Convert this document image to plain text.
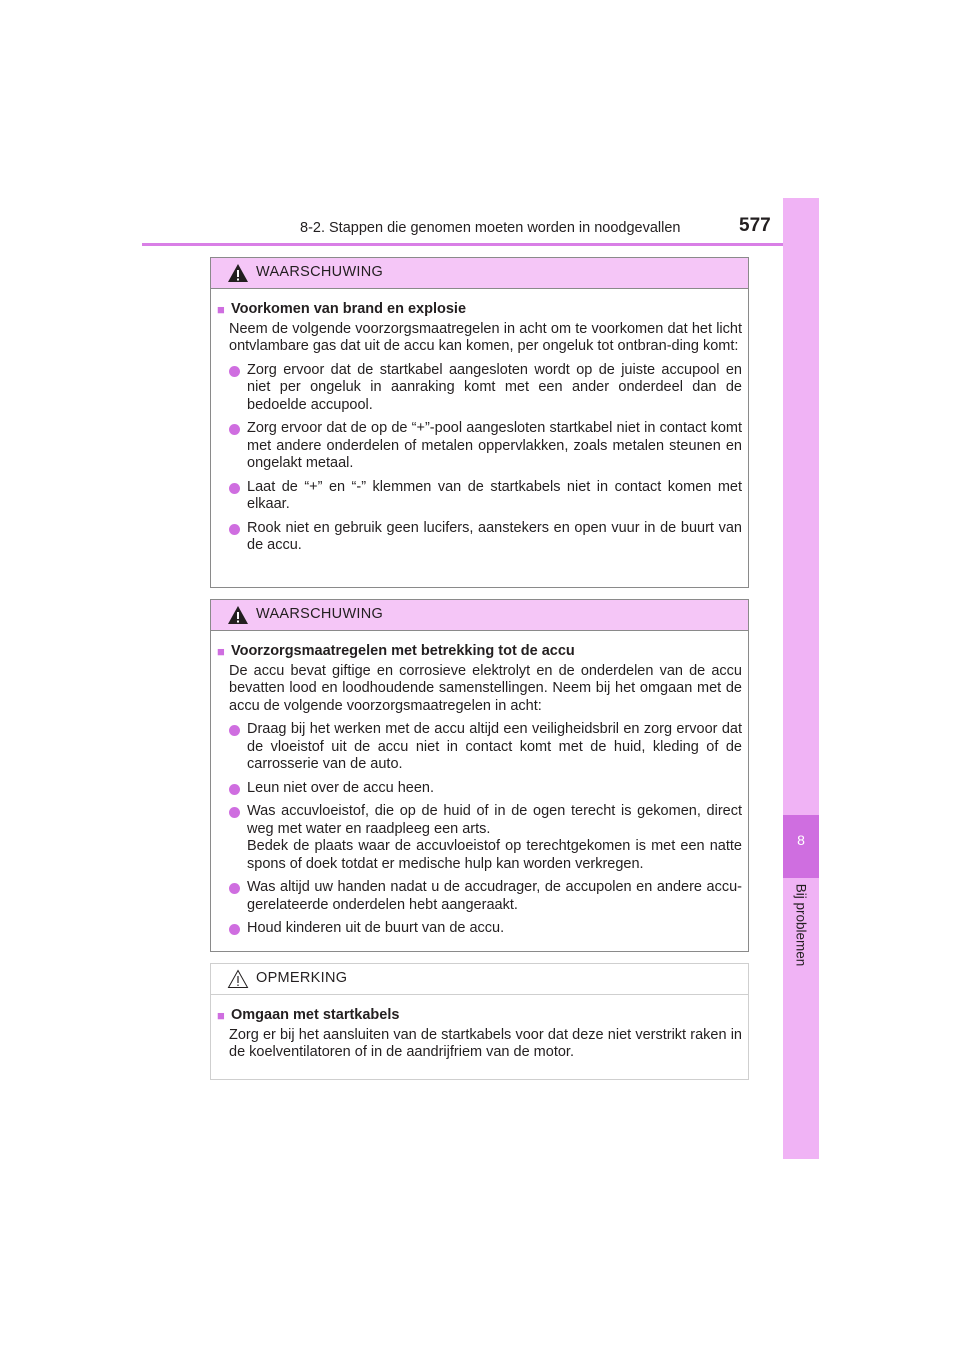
8-2. Stappen die genomen moeten worden in noodgevallen	577
8
Bij problemen
WAARSCHUWING
■ Voorkomen van brand en explosie
Neem de volgende voorzorgsmaatregelen in acht om te voorkomen dat het licht ontvlambare gas dat uit de accu kan komen, per ongeluk tot ontbran-ding komt:
Zorg ervoor dat de startkabel aangesloten wordt op de juiste accupool en niet per ongeluk in aanraking komt met een ander onderdeel dan de bedoelde accupool.
Zorg ervoor dat de op de “+”-pool aangesloten startkabel niet in contact komt met andere onderdelen of metalen oppervlakken, zoals metalen steunen en ongelakt metaal.
Laat de “+” en “-” klemmen van de startkabels niet in contact komen met elkaar.
Rook niet en gebruik geen lucifers, aanstekers en open vuur in de buurt van de accu.
WAARSCHUWING
■ Voorzorgsmaatregelen met betrekking tot de accu
De accu bevat giftige en corrosieve elektrolyt en de onderdelen van de accu bevatten lood en loodhoudende samenstellingen. Neem bij het omgaan met de accu de volgende voorzorgsmaatregelen in acht:
Draag bij het werken met de accu altijd een veiligheidsbril en zorg ervoor dat de vloeistof uit de accu niet in contact komt met de huid, kleding of de carrosserie van de auto.
Leun niet over de accu heen.
Was accuvloeistof, die op de huid of in de ogen terecht is gekomen, direct weg met water en raadpleeg een arts.
Bedek de plaats waar de accuvloeistof op terechtgekomen is met een natte spons of doek totdat er medische hulp kan worden verkregen.
Was altijd uw handen nadat u de accudrager, de accupolen en andere accu-gerelateerde onderdelen hebt aangeraakt.
Houd kinderen uit de buurt van de accu.
OPMERKING
■ Omgaan met startkabels
Zorg er bij het aansluiten van de startkabels voor dat deze niet verstrikt raken in de koelventilatoren of in de aandrijfriem van de motor.
